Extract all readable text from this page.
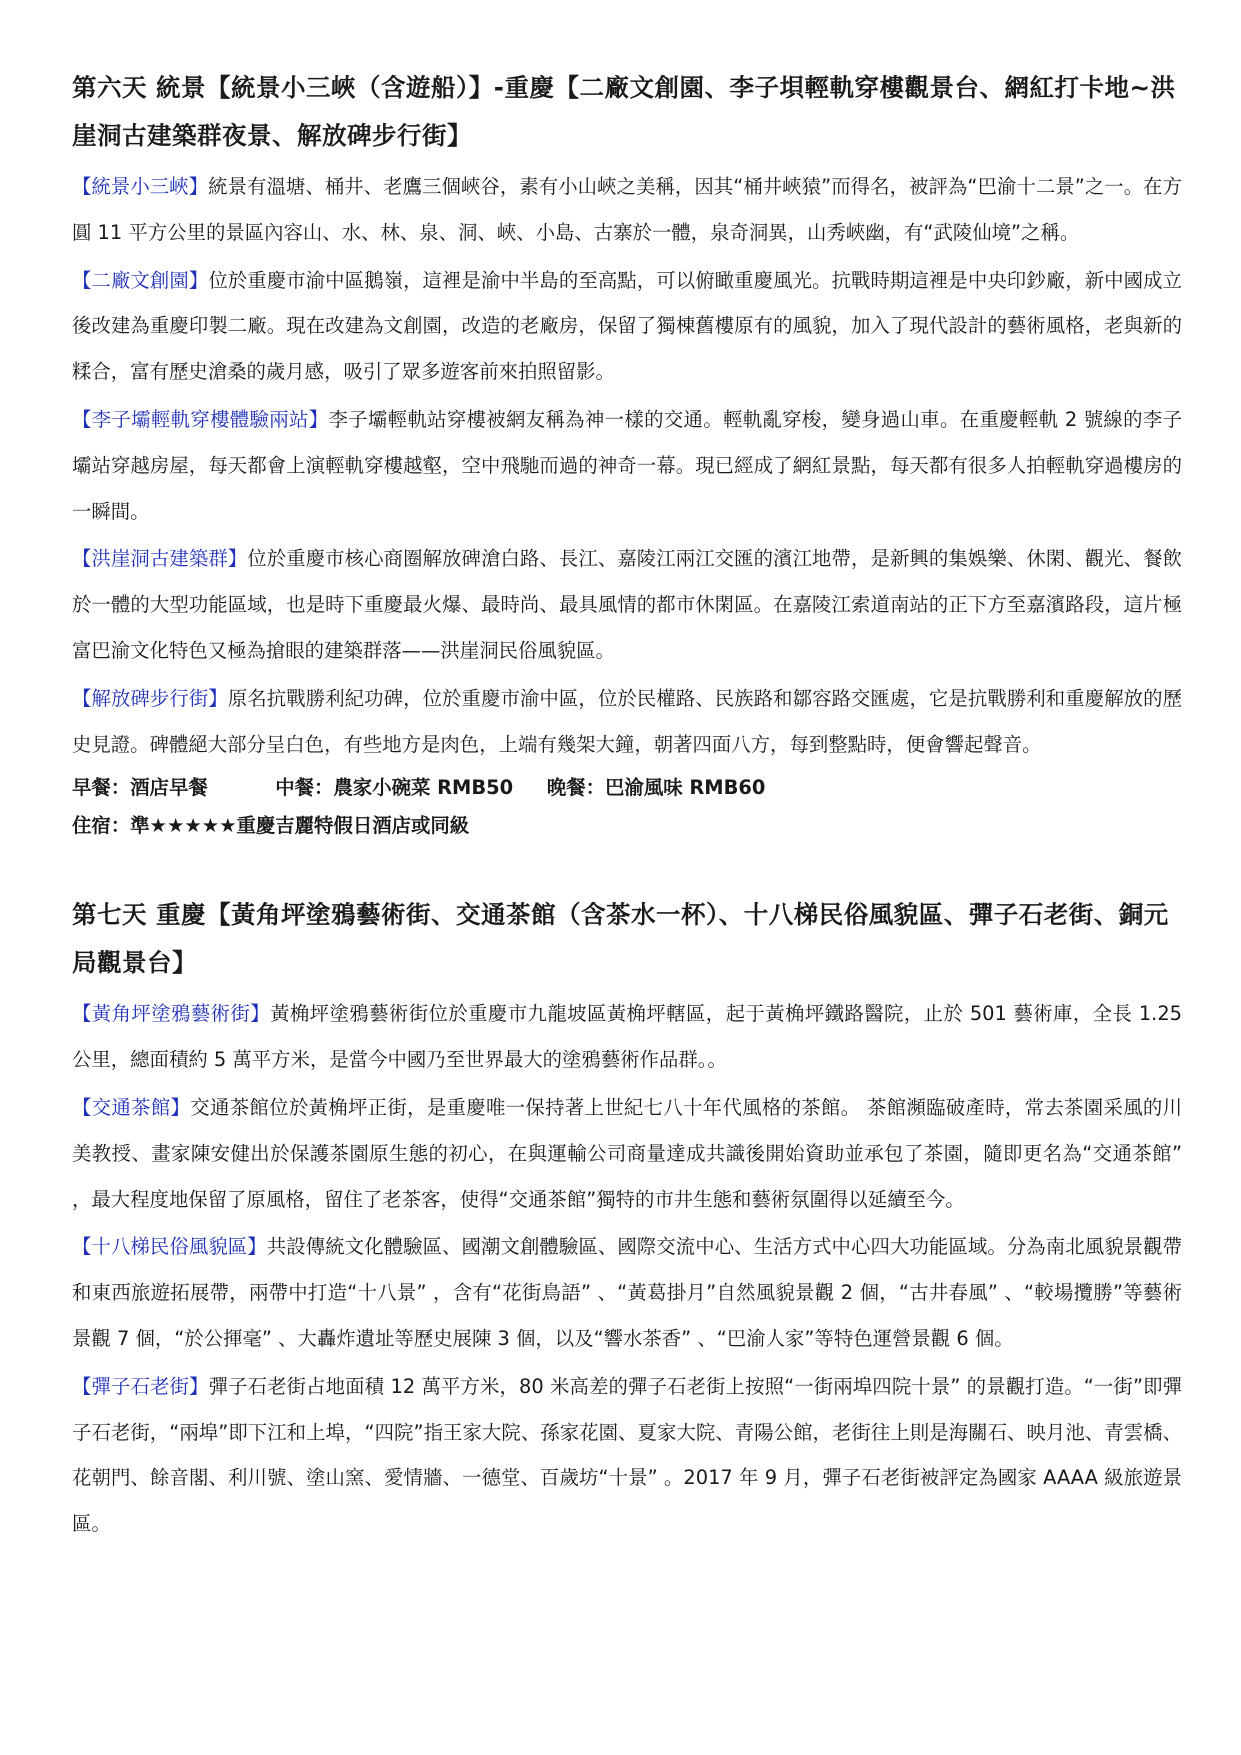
第六天 統景【統景小三峽（含遊船）】-重慶【二廠文創園、李子垻輕軌穿樓觀景台、網紅打卡地~洪崖洞古建築群夜景、解放碑步行街】

【統景小三峽】統景有溫塘、桶井、老鷹三個峽谷，素有小山峽之美稱，因其“桶井峽猿”而得名，被評為“巴渝十二景”之一。在方圓 11 平方公里的景區內容山、水、林、泉、洞、峽、小島、古寨於一體，泉奇洞異，山秀峽幽，有“武陵仙境”之稱。

【二廠文創園】位於重慶市渝中區鵝嶺，這裡是渝中半島的至高點，可以俯瞰重慶風光。抗戰時期這裡是中央印鈔廠，新中國成立後改建為重慶印製二廠。現在改建為文創園，改造的老廠房，保留了獨棟舊樓原有的風貌，加入了現代設計的藝術風格，老與新的糅合，富有歷史滄桑的歲月感，吸引了眾多遊客前來拍照留影。

【李子壩輕軌穿樓體驗兩站】李子壩輕軌站穿樓被網友稱為神一樣的交通。輕軌亂穿梭，變身過山車。在重慶輕軌 2 號線的李子壩站穿越房屋，每天都會上演輕軌穿樓越壑，空中飛馳而過的神奇一幕。現已經成了網紅景點，每天都有很多人拍輕軌穿過樓房的一瞬間。

【洪崖洞古建築群】位於重慶市核心商圈解放碑滄白路、長江、嘉陵江兩江交匯的濱江地帶，是新興的集娛樂、休閑、觀光、餐飲於一體的大型功能區域，也是時下重慶最火爆、最時尚、最具風情的都市休閑區。在嘉陵江索道南站的正下方至嘉濱路段，這片極富巴渝文化特色又極為搶眼的建築群落——洪崖洞民俗風貌區。

【解放碑步行街】原名抗戰勝利紀功碑，位於重慶市渝中區，位於民權路、民族路和鄒容路交匯處，它是抗戰勝利和重慶解放的歷史見證。碑體絕大部分呈白色，有些地方是肉色，上端有幾架大鐘，朝著四面八方，每到整點時，便會響起聲音。

早餐：酒店早餐          中餐：農家小碗菜 RMB50     晚餐：巴渝風味 RMB60

住宿：準★★★★★重慶吉麗特假日酒店或同級

第七天 重慶【黃角坪塗鴉藝術街、交通茶館（含茶水一杯）、十八梯民俗風貌區、彈子石老街、銅元局觀景台】

【黃角坪塗鴉藝術街】黃桷坪塗鴉藝術街位於重慶市九龍坡區黃桷坪轄區，起于黃桷坪鐵路醫院，止於 501 藝術庫，全長 1.25 公里，總面積約 5 萬平方米，是當今中國乃至世界最大的塗鴉藝術作品群。。

【交通茶館】交通茶館位於黃桷坪正街，是重慶唯一保持著上世紀七八十年代風格的茶館。 茶館瀕臨破產時，常去茶園采風的川美教授、畫家陳安健出於保護茶園原生態的初心，在與運輸公司商量達成共識後開始資助並承包了茶園，隨即更名為“交通茶館” ，最大程度地保留了原風格，留住了老茶客，使得“交通茶館”獨特的市井生態和藝術氛圍得以延續至今。

【十八梯民俗風貌區】共設傳統文化體驗區、國潮文創體驗區、國際交流中心、生活方式中心四大功能區域。分為南北風貌景觀帶和東西旅遊拓展帶，兩帶中打造“十八景” ，含有“花街鳥語” 、“黃葛掛月”自然風貌景觀 2 個，“古井春風” 、“較場攬勝”等藝術景觀 7 個，“於公揮毫” 、大轟炸遺址等歷史展陳 3 個，以及“響水茶香” 、“巴渝人家”等特色運營景觀 6 個。

【彈子石老街】彈子石老街占地面積 12 萬平方米，80 米高差的彈子石老街上按照“一街兩埠四院十景” 的景觀打造。“一街”即彈子石老街，“兩埠”即下江和上埠，“四院”指王家大院、孫家花園、夏家大院、青陽公館，老街往上則是海關石、映月池、青雲橋、花朝門、餘音閣、利川號、塗山窯、愛情牆、一德堂、百歲坊“十景” 。2017 年 9 月，彈子石老街被評定為國家 AAAA 級旅遊景區。
